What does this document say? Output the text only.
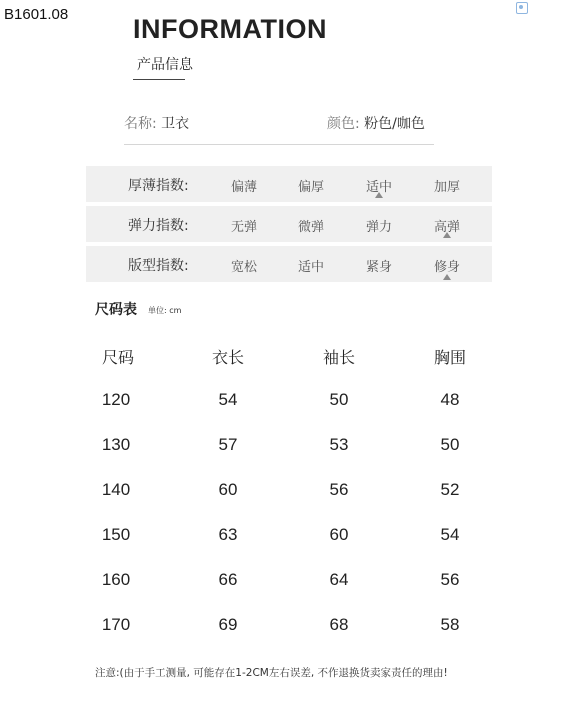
B1601.08 INFORMATION
产品信息
名称: 卫衣	颜色: 粉色/咖色
厚薄指数:	偏薄	偏厚	适中	加厚
弹力指数:	无弹	微弹	弹力	高弹
版型指数:	宽松	适中	紧身	修身
尺码表 单位: cm
尺码	衣长	袖长	胸围
120	54	50	48
130	57	53	50
140	60	56	52
150	63	60	54
160	66	64	56
170	69	68	58
注意:(由于手工测量, 可能存在1-2CM左右误差, 不作退换货卖家责任的理由!
